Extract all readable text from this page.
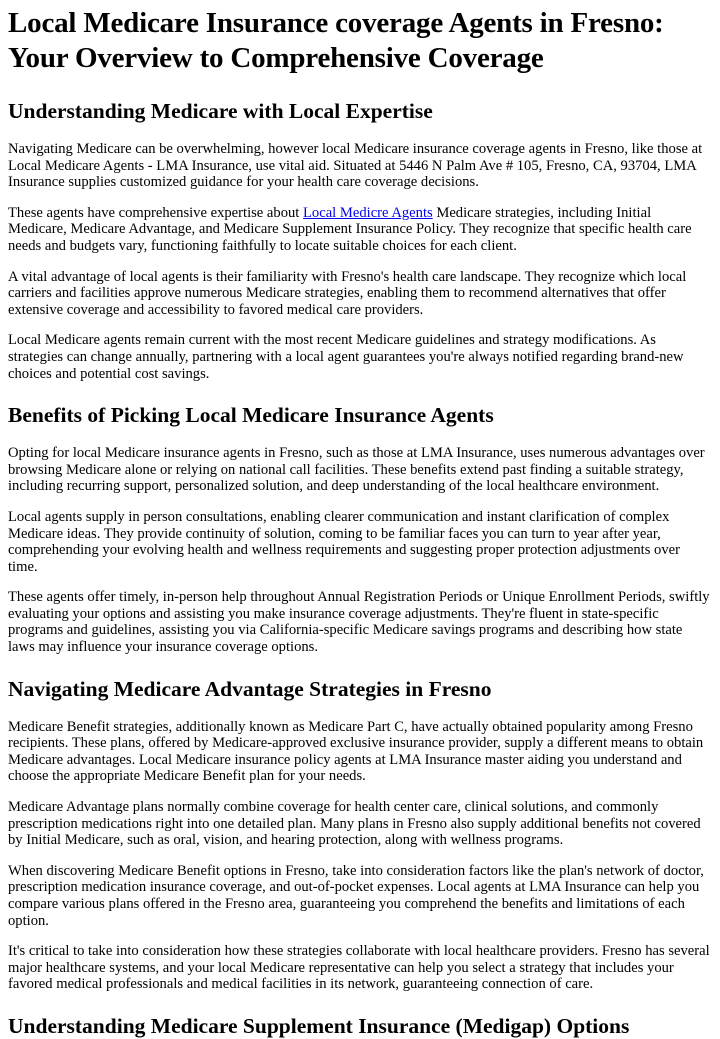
Local Medicare Insurance coverage Agents in Fresno: Your Overview to Comprehensive Coverage
Understanding Medicare with Local Expertise

Navigating Medicare can be overwhelming, however local Medicare insurance coverage agents in Fresno, like those at Local Medicare Agents - LMA Insurance, use vital aid. Situated at 5446 N Palm Ave # 105, Fresno, CA, 93704, LMA Insurance supplies customized guidance for your health care coverage decisions.

These agents have comprehensive expertise about Local Medicre Agents Medicare strategies, including Initial Medicare, Medicare Advantage, and Medicare Supplement Insurance Policy. They recognize that specific health care needs and budgets vary, functioning faithfully to locate suitable choices for each client.

A vital advantage of local agents is their familiarity with Fresno's health care landscape. They recognize which local carriers and facilities approve numerous Medicare strategies, enabling them to recommend alternatives that offer extensive coverage and accessibility to favored medical care providers.

Local Medicare agents remain current with the most recent Medicare guidelines and strategy modifications. As strategies can change annually, partnering with a local agent guarantees you're always notified regarding brand-new choices and potential cost savings.

Benefits of Picking Local Medicare Insurance Agents

Opting for local Medicare insurance agents in Fresno, such as those at LMA Insurance, uses numerous advantages over browsing Medicare alone or relying on national call facilities. These benefits extend past finding a suitable strategy, including recurring support, personalized solution, and deep understanding of the local healthcare environment.

Local agents supply in person consultations, enabling clearer communication and instant clarification of complex Medicare ideas. They provide continuity of solution, coming to be familiar faces you can turn to year after year, comprehending your evolving health and wellness requirements and suggesting proper protection adjustments over time.

These agents offer timely, in-person help throughout Annual Registration Periods or Unique Enrollment Periods, swiftly evaluating your options and assisting you make insurance coverage adjustments. They're fluent in state-specific programs and guidelines, assisting you via California-specific Medicare savings programs and describing how state laws may influence your insurance coverage options.

Navigating Medicare Advantage Strategies in Fresno

Medicare Benefit strategies, additionally known as Medicare Part C, have actually obtained popularity among Fresno recipients. These plans, offered by Medicare-approved exclusive insurance provider, supply a different means to obtain Medicare advantages. Local Medicare insurance policy agents at LMA Insurance master aiding you understand and choose the appropriate Medicare Benefit plan for your needs.

Medicare Advantage plans normally combine coverage for health center care, clinical solutions, and commonly prescription medications right into one detailed plan. Many plans in Fresno also supply additional benefits not covered by Initial Medicare, such as oral, vision, and hearing protection, along with wellness programs.

When discovering Medicare Benefit options in Fresno, take into consideration factors like the plan's network of doctor, prescription medication insurance coverage, and out-of-pocket expenses. Local agents at LMA Insurance can help you compare various plans offered in the Fresno area, guaranteeing you comprehend the benefits and limitations of each option.

It's critical to take into consideration how these strategies collaborate with local healthcare providers. Fresno has several major healthcare systems, and your local Medicare representative can help you select a strategy that includes your favored medical professionals and medical facilities in its network, guaranteeing connection of care.

Understanding Medicare Supplement Insurance (Medigap) Options
